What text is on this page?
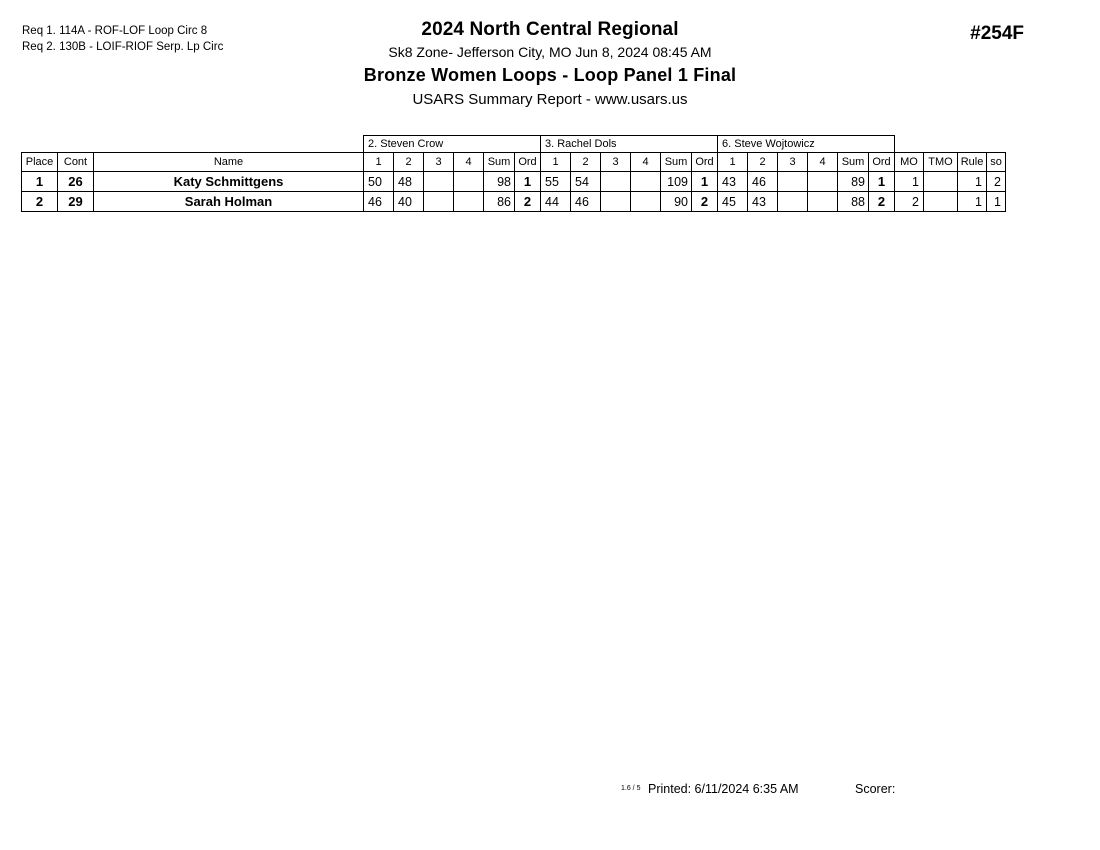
Req 1. 114A - ROF-LOF Loop Circ 8
Req 2. 130B - LOIF-RIOF Serp. Lp Circ
2024 North Central Regional
Sk8 Zone- Jefferson City, MO Jun 8, 2024 08:45 AM
Bronze Women Loops - Loop Panel 1 Final
USARS Summary Report - www.usars.us
#254F
			2. Steven Crow						3. Rachel Dols						6. Steve Wojtowicz									
Place	Cont	Name	1	2	3	4	Sum	Ord	1	2	3	4	Sum	Ord	1	2	3	4	Sum	Ord	MO	TMO	Rule	so
1	26	Katy Schmittgens	50	48			98	1	55	54			109	1	43	46			89	1	1		1	2
2	29	Sarah Holman	46	40			86	2	44	46			90	2	45	43			88	2	2		1	1
1.6 / 5 Printed: 6/11/2024 6:35 AM	Scorer:
